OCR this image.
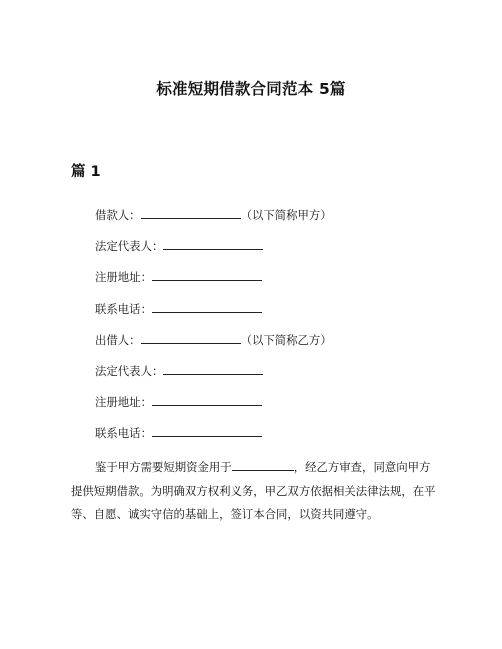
标准短期借款合同范本 5篇
篇 1
借款人：	（以下简称甲方）
法定代表人：
注册地址：
联系电话：
出借人：	（以下简称乙方）
法定代表人：
注册地址：
联系电话：

鉴于甲方需要短期资金用于	，经乙方审查，同意向甲方提供短期借款。为明确双方权利义务，甲乙双方依据相关法律法规，在平等、自愿、诚实守信的基础上，签订本合同，以资共同遵守。
